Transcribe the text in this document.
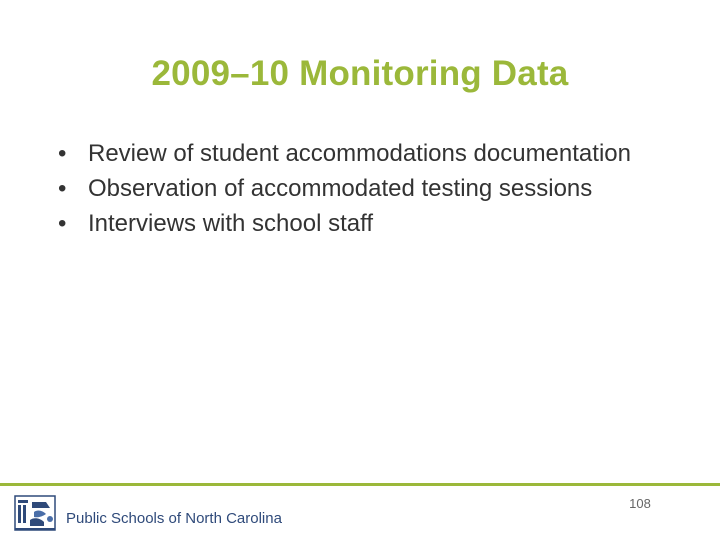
2009–10 Monitoring Data
• Review of student accommodations documentation
• Observation of accommodated testing sessions
• Interviews with school staff
108
Public Schools of North Carolina
